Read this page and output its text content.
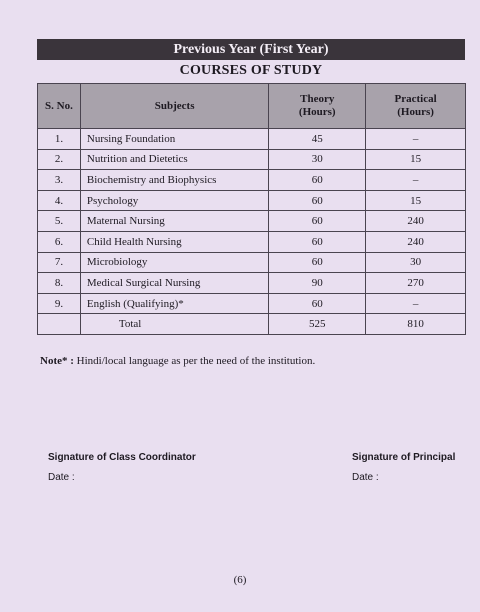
Previous Year (First Year)
COURSES OF STUDY
S. No.	Subjects	Theory (Hours)	Practical (Hours)
1.	Nursing Foundation	45	–
2.	Nutrition and Dietetics	30	15
3.	Biochemistry and Biophysics	60	–
4.	Psychology	60	15
5.	Maternal Nursing	60	240
6.	Child Health Nursing	60	240
7.	Microbiology	60	30
8.	Medical Surgical Nursing	90	270
9.	English (Qualifying)*	60	–
	Total	525	810
Note* : Hindi/local language as per the need of the institution.
Signature of Class Coordinator
Date :
Signature of Principal
Date :
(6)
